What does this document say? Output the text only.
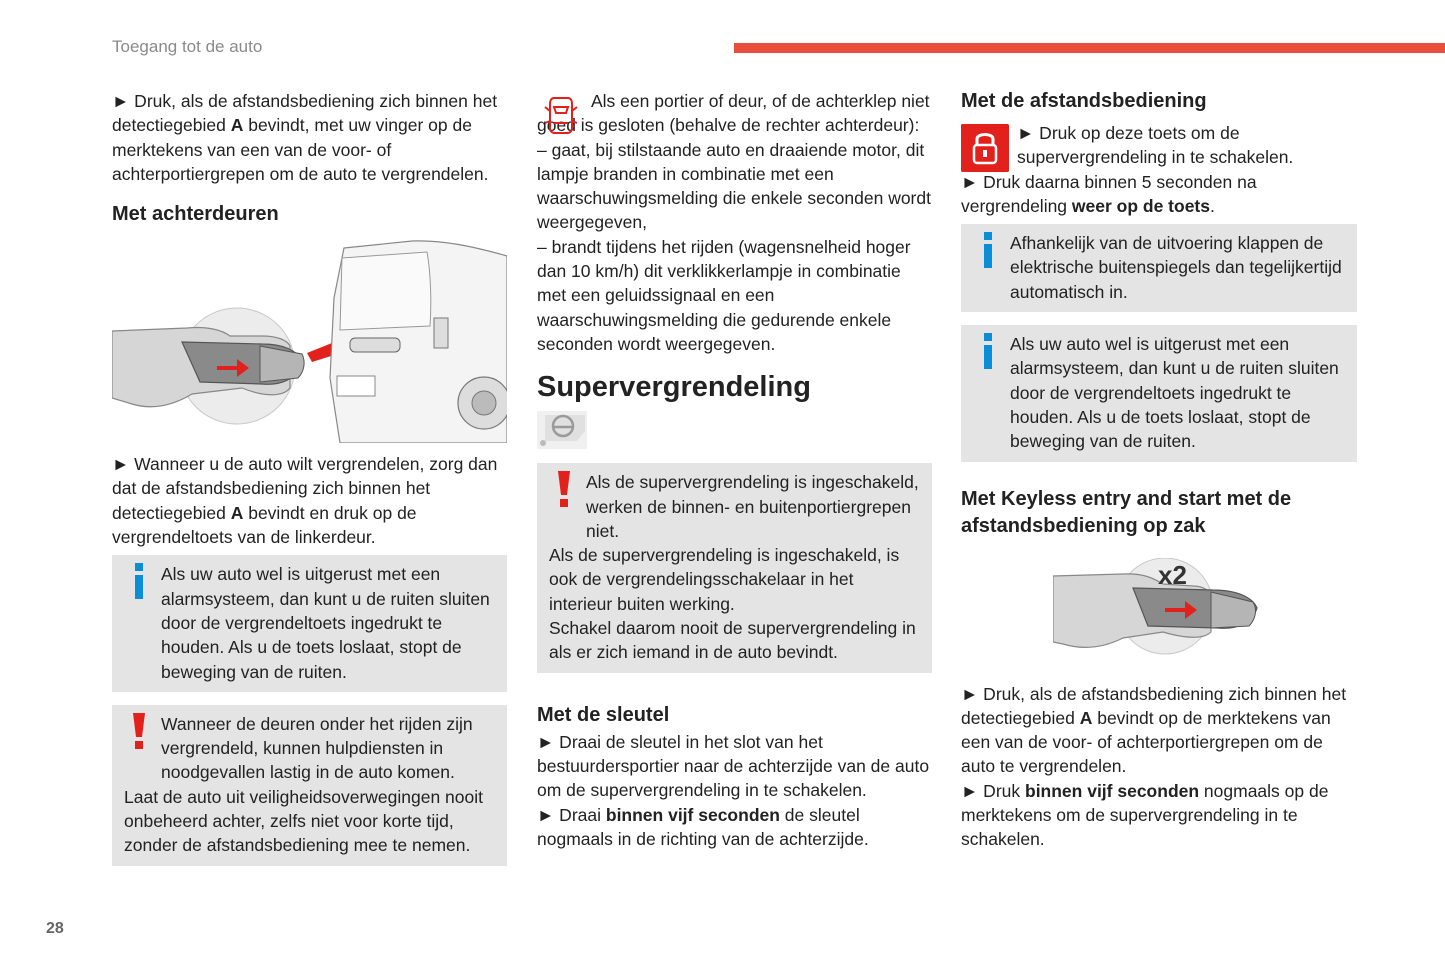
Toegang tot de auto

► Druk, als de afstandsbediening zich binnen het detectiegebied A bevindt, met uw vinger op de merktekens van een van de voor- of achterportiergrepen om de auto te vergrendelen.

Met achterdeuren

► Wanneer u de auto wilt vergrendelen, zorg dan dat de afstandsbediening zich binnen het detectiegebied A bevindt en druk op de vergrendeltoets van de linkerdeur.

Als uw auto wel is uitgerust met een alarmsysteem, dan kunt u de ruiten sluiten door de vergrendeltoets ingedrukt te houden. Als u de toets loslaat, stopt de beweging van de ruiten.

Wanneer de deuren onder het rijden zijn vergrendeld, kunnen hulpdiensten in noodgevallen lastig in de auto komen.

Laat de auto uit veiligheidsoverwegingen nooit onbeheerd achter, zelfs niet voor korte tijd, zonder de afstandsbediening mee te nemen.

Als een portier of deur, of de achterklep niet goed is gesloten (behalve de rechter achterdeur):

– gaat, bij stilstaande auto en draaiende motor, dit lampje branden in combinatie met een waarschuwingsmelding die enkele seconden wordt weergegeven,

– brandt tijdens het rijden (wagensnelheid hoger dan 10 km/h) dit verklikkerlampje in combinatie met een geluidssignaal en een waarschuwingsmelding die gedurende enkele seconden wordt weergegeven.

Supervergrendeling

Als de supervergrendeling is ingeschakeld, werken de binnen- en buitenportiergrepen niet.

Als de supervergrendeling is ingeschakeld, is ook de vergrendelingsschakelaar in het interieur buiten werking.

Schakel daarom nooit de supervergrendeling in als er zich iemand in de auto bevindt.

Met de sleutel

► Draai de sleutel in het slot van het bestuurdersportier naar de achterzijde van de auto om de supervergrendeling in te schakelen.

► Draai binnen vijf seconden de sleutel nogmaals in de richting van de achterzijde.

Met de afstandsbediening

► Druk op deze toets om de supervergrendeling in te schakelen.

► Druk daarna binnen 5 seconden na vergrendeling weer op de toets.

Afhankelijk van de uitvoering klappen de elektrische buitenspiegels dan tegelijkertijd automatisch in.

Als uw auto wel is uitgerust met een alarmsysteem, dan kunt u de ruiten sluiten door de vergrendeltoets ingedrukt te houden. Als u de toets loslaat, stopt de beweging van de ruiten.

Met Keyless entry and start met de afstandsbediening op zak

x2

► Druk, als de afstandsbediening zich binnen het detectiegebied A bevindt op de merktekens van een van de voor- of achterportiergrepen om de auto te vergrendelen.

► Druk binnen vijf seconden nogmaals op de merktekens om de supervergrendeling in te schakelen.

28
